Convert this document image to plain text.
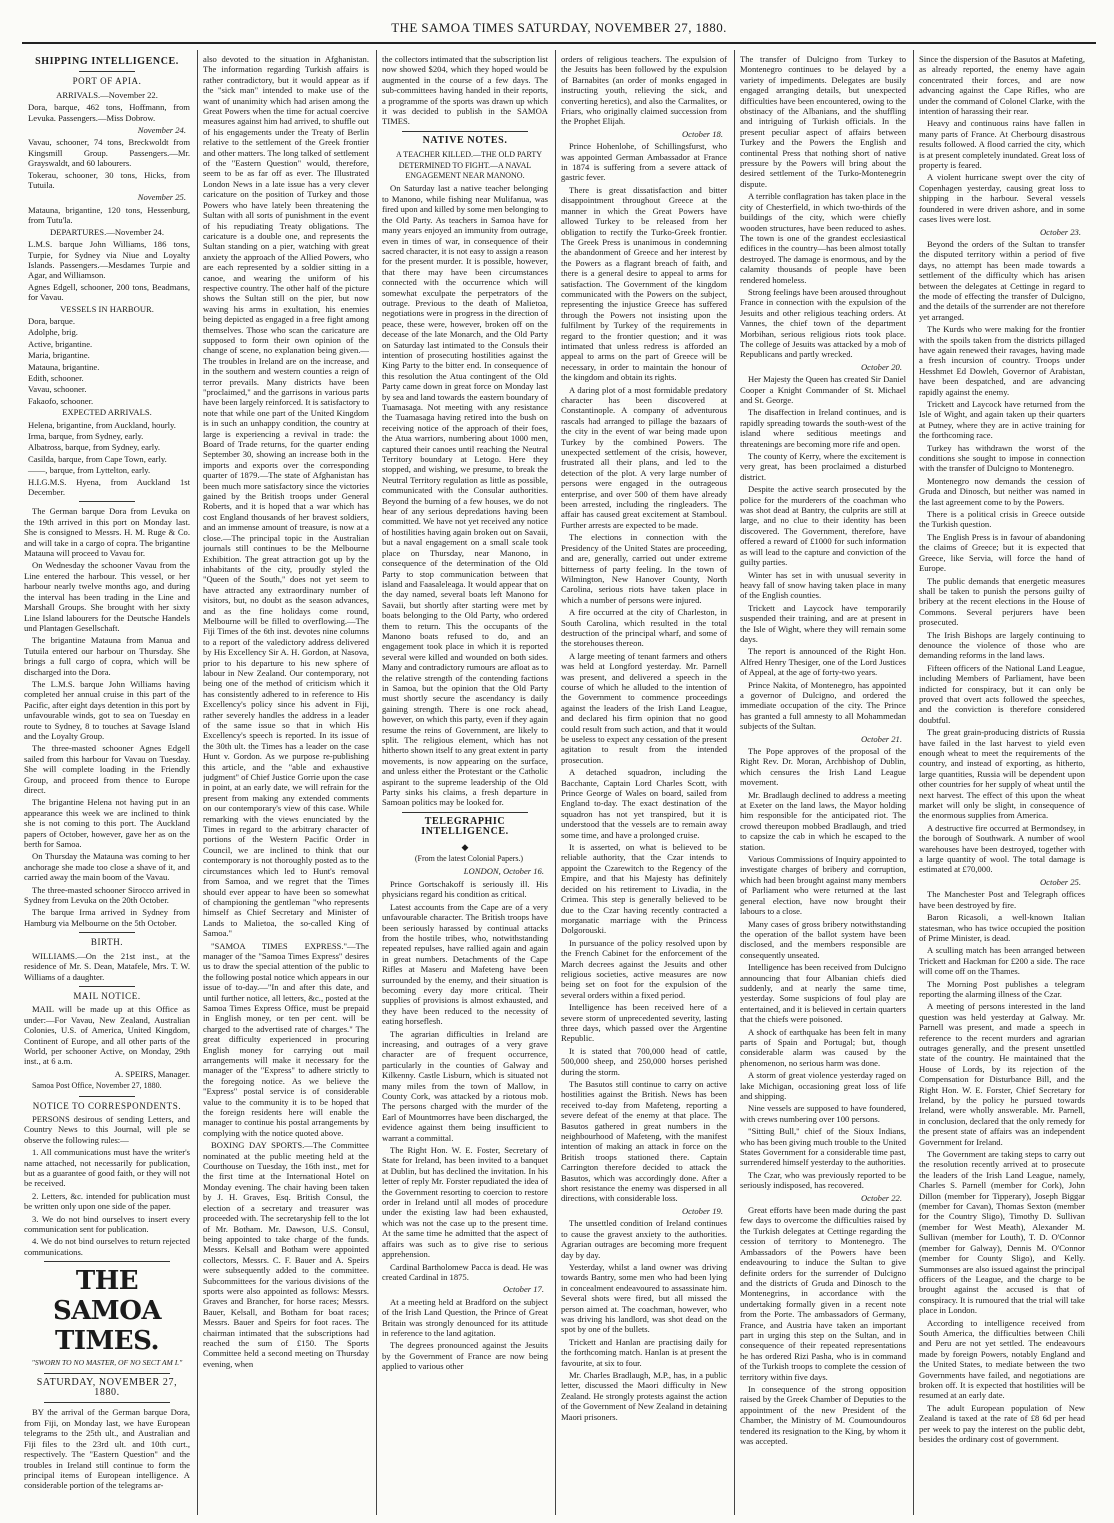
THE SAMOA TIMES SATURDAY, NOVEMBER 27, 1880.
SHIPPING INTELLIGENCE.
PORT OF APIA.

ARRIVALS.—November 22.

Dora, barque, 462 tons, Hoffmann, from Levuka. Passengers.—Miss Dobrow.

November 24.

Vavau, schooner, 74 tons, Breckwoldt from Kingsmill Group. Passengers.—Mr. Grayswaldt, and 60 labourers.

Tokerau, schooner, 30 tons, Hicks, from Tutuila.

November 25.

Matauna, brigantine, 120 tons, Hessenburg, from Tutu'la.

DEPARTURES.—November 24.

L.M.S. barque John Williams, 186 tons, Turpie, for Sydney via Niue and Loyalty Islands. Passengers.—Mesdames Turpie and Agar, and Williamson.

Agnes Edgell, schooner, 200 tons, Beadmans, for Vavau.

VESSELS IN HARBOUR.

Dora, barque.

Adolphe, brig.

Active, brigantine.

Maria, brigantine.

Matauna, brigantine.

Edith, schooner.

Vavau, schooner.

Fakaofo, schooner.

EXPECTED ARRIVALS.

Helena, brigantine, from Auckland, hourly.

Irma, barque, from Sydney, early.

Albatross, barque, from Sydney, early.

Casilda, barque, from Cape Town, early.

——, barque, from Lyttelton, early.

H.I.G.M.S. Hyena, from Auckland 1st December.

The German barque Dora from Levuka on the 19th arrived in this port on Monday last. She is consigned to Messrs. H. M. Ruge & Co. and will take in a cargo of copra. The brigantine Matauna will proceed to Vavau for.

On Wednesday the schooner Vavau from the Line entered the harbour. This vessel, or her harbour nearly twelve months ago, and during the interval has been trading in the Line and Marshall Groups. She brought with her sixty Line Island labourers for the Deutsche Handels und Plantagen Gesellschaft.

The brigantine Matauna from Manua and Tutuila entered our harbour on Thursday. She brings a full cargo of copra, which will be discharged into the Dora.

The L.M.S. barque John Williams having completed her annual cruise in this part of the Pacific, after eight days detention in this port by unfavourable winds, got to sea on Tuesday en route to Sydney, 8 to touches at Savage Island and the Loyalty Group.

The three-masted schooner Agnes Edgell sailed from this harbour for Vavau on Tuesday. She will complete loading in the Friendly Group, and proceed from thence to Europe direct.

The brigantine Helena not having put in an appearance this week we are inclined to think she is not coming to this port. The Auckland papers of October, however, gave her as on the berth for Samoa.

On Thursday the Matauna was coming to her anchorage she made too close a shave of it, and carried away the main boom of the Vavau.

The three-masted schooner Sirocco arrived in Sydney from Levuka on the 20th October.

The barque Irma arrived in Sydney from Hamburg via Melbourne on the 5th October.

BIRTH.

WILLIAMS.—On the 21st inst., at the residence of Mr. S. Dean, Matafele, Mrs. T. W. Williams of a daughter.

MAIL NOTICE.

MAIL will be made up at this Office as under:—For Vavau, New Zealand, Australian Colonies, U.S. of America, United Kingdom, Continent of Europe, and all other parts of the World, per schooner Active, on Monday, 29th inst., at 6 a.m.

A. SPEIRS, Manager.

Samoa Post Office, November 27, 1880.

NOTICE TO CORRESPONDENTS.

PERSONS desirous of sending Letters, and Country News to this Journal, will ple se observe the following rules:—

1. All communications must have the writer's name attached, not necessarily for publication, but as a guarantee of good faith, or they will not be received.

2. Letters, &c. intended for publication must be written only upon one side of the paper.

3. We do not bind ourselves to insert every communication sent for publication.

4. We do not bind ourselves to return rejected communications.

THE SAMOA TIMES.
"SWORN TO NO MASTER, OF NO SECT AM I."
SATURDAY, NOVEMBER 27, 1880.

BY the arrival of the German barque Dora, from Fiji, on Monday last, we have European telegrams to the 25th ult., and Australian and Fiji files to the 23rd ult. and 10th curt., respectively. The "Eastern Question" and the troubles in Ireland still continue to form the principal items of European intelligence. A considerable portion of the telegrams ar-

also devoted to the situation in Afghanistan. The information regarding Turkish affairs is rather contradictory, but it would appear as if the "sick man" intended to make use of the want of unanimity which had arisen among the Great Powers when the time for actual coercive measures against him had arrived, to shuffle out of his engagements under the Treaty of Berlin relative to the settlement of the Greek frontier and other matters. The long talked of settlement of the "Eastern Question" would, therefore, seem to be as far off as ever. The Illustrated London News in a late issue has a very clever caricature on the position of Turkey and those Powers who have lately been threatening the Sultan with all sorts of punishment in the event of his repudiating Treaty obligations. The caricature is a double one, and represents the Sultan standing on a pier, watching with great anxiety the approach of the Allied Powers, who are each represented by a soldier sitting in a canoe, and wearing the uniform of his respective country. The other half of the picture shows the Sultan still on the pier, but now waving his arms in exultation, his enemies being depicted as engaged in a free fight among themselves. Those who scan the caricature are supposed to form their own opinion of the change of scene, no explanation being given.—The troubles in Ireland are on the increase, and in the southern and western counties a reign of terror prevails. Many districts have been "proclaimed," and the garrisons in various parts have been largely reinforced. It is satisfactory to note that while one part of the United Kingdom is in such an unhappy condition, the country at large is experiencing a revival in trade: the Board of Trade returns, for the quarter ending September 30, showing an increase both in the imports and exports over the corresponding quarter of 1879.—The state of Afghanistan has been much more satisfactory since the victories gained by the British troops under General Roberts, and it is hoped that a war which has cost England thousands of her bravest soldiers, and an immense amount of treasure, is now at a close.—The principal topic in the Australian journals still continues to be the Melbourne Exhibition. The great attraction got up by the inhabitants of the city, proudly styled the "Queen of the South," does not yet seem to have attracted any extraordinary number of visitors, but, no doubt as the season advances, and as the fine holidays come round, Melbourne will be filled to overflowing.—The Fiji Times of the 6th inst. devotes nine columns to a report of the valedictory address delivered by His Excellency Sir A. H. Gordon, at Nasova, prior to his departure to his new sphere of labour in New Zealand. Our contemporary, not being one of the method of criticism which it has consistently adhered to in reference to His Excellency's policy since his advent in Fiji, rather severely handles the address in a leader of the same issue so that in which His Excellency's speech is reported. In its issue of the 30th ult. the Times has a leader on the case Hunt v. Gordon. As we purpose re-publishing this article, and the "able and exhaustive judgment" of Chief Justice Gorrie upon the case in point, at an early date, we will refrain for the present from making any extended comments on our contemporary's view of this case. While remarking with the views enunciated by the Times in regard to the arbitrary character of portions of the Western Pacific Order in Council, we are inclined to think that our contemporary is not thoroughly posted as to the circumstances which led to Hunt's removal from Samoa, and we regret that the Times should ever appear to have been so somewhat of championing the gentleman "who represents himself as Chief Secretary and Minister of Lands to Malietoa, the so-called King of Samoa."

"SAMOA TIMES EXPRESS."—The manager of the "Samoa Times Express" desires us to draw the special attention of the public to the following postal notice which appears in our issue of to-day.—"In and after this date, and until further notice, all letters, &c., posted at the Samoa Times Express Office, must be prepaid in English money, or ten per cent. will be charged to the advertised rate of charges." The great difficulty experienced in procuring English money for carrying out mail arrangements will make it necessary for the manager of the "Express" to adhere strictly to the foregoing notice. As we believe the "Express" postal service is of considerable value to the community it is to be hoped that the foreign residents here will enable the manager to continue his postal arrangements by complying with the notice quoted above.

BOXING DAY SPORTS.—The Committee nominated at the public meeting held at the Courthouse on Tuesday, the 16th inst., met for the first time at the International Hotel on Monday evening. The chair having been taken by J. H. Graves, Esq. British Consul, the election of a secretary and treasurer was proceeded with. The secretaryship fell to the lot of Mr. Botham. Mr. Dawson, U.S. Consul, being appointed to take charge of the funds. Messrs. Kelsall and Botham were appointed collectors, Messrs. C. F. Bauer and A. Speirs were subsequently added to the committee. Subcommittees for the various divisions of the sports were also appointed as follows: Messrs. Graves and Brancher, for horse races; Messrs. Bauer, Kelsall, and Botham for boat races; Messrs. Bauer and Speirs for foot races. The chairman intimated that the subscriptions had reached the sum of £150. The Sports Committee held a second meeting on Thursday evening, when

the collectors intimated that the subscription list now showed $204, which they hoped would be augmented in the course of a few days. The sub-committees having handed in their reports, a programme of the sports was drawn up which it was decided to publish in the SAMOA TIMES.

NATIVE NOTES.

A TEACHER KILLED.—THE OLD PARTY DETERMINED TO FIGHT.—A NAVAL ENGAGEMENT NEAR MANONO.

On Saturday last a native teacher belonging to Manono, while fishing near Mulifanua, was fired upon and killed by some men belonging to the Old Party. As teachers in Samoa have for many years enjoyed an immunity from outrage, even in times of war, in consequence of their sacred character, it is not easy to assign a reason for the present murder. It is possible, however, that there may have been circumstances connected with the occurrence which will somewhat exculpate the perpetrators of the outrage. Previous to the death of Malietoa, negotiations were in progress in the direction of peace, these were, however, broken off on the decease of the late Monarch, and the Old Party on Saturday last intimated to the Consuls their intention of prosecuting hostilities against the King Party to the bitter end. In consequence of this resolution the Atua contingent of the Old Party came down in great force on Monday last by sea and land towards the eastern boundary of Tuamasaga. Not meeting with any resistance the Tuamasaga having retired into the bush on receiving notice of the approach of their foes, the Atua warriors, numbering about 1000 men, captured their canoes until reaching the Neutral Territory boundary at Letogo. Here they stopped, and wishing, we presume, to break the Neutral Territory regulation as little as possible, communicated with the Consular authorities. Beyond the burning of a few houses, we do not hear of any serious depredations having been committed. We have not yet received any notice of hostilities having again broken out on Savaii, but a naval engagement on a small scale took place on Thursday, near Manono, in consequence of the determination of the Old Party to stop communication between that island and Faasaleleaga. It would appear that on the day named, several boats left Manono for Savaii, but shortly after starting were met by boats belonging to the Old Party, who ordered them to return. This the occupants of the Manono boats refused to do, and an engagement took place in which it is reported several were killed and wounded on both sides. Many and contradictory rumours are afloat as to the relative strength of the contending factions in Samoa, but the opinion that the Old Party must shortly secure the ascendancy is daily gaining strength. There is one rock ahead, however, on which this party, even if they again resume the reins of Government, are likely to split. The religious element, which has not hitherto shown itself to any great extent in party movements, is now appearing on the surface, and unless either the Protestant or the Catholic aspirant to the supreme leadership of the Old Party sinks his claims, a fresh departure in Samoan politics may be looked for.

TELEGRAPHIC INTELLIGENCE.
◆

(From the latest Colonial Papers.)

LONDON, October 16.

Prince Gortschakoff is seriously ill. His physicians regard his condition as critical.

Latest accounts from the Cape are of a very unfavourable character. The British troops have been seriously harassed by continual attacks from the hostile tribes, who, notwithstanding repeated repulses, have rallied again and again in great numbers. Detachments of the Cape Rifles at Maseru and Mafeteng have been surrounded by the enemy, and their situation is becoming every day more critical. Their supplies of provisions is almost exhausted, and they have been reduced to the necessity of eating horseflesh.

The agrarian difficulties in Ireland are increasing, and outrages of a very grave character are of frequent occurrence, particularly in the counties of Galway and Kilkenny. Castle Lisburn, which is situated not many miles from the town of Mallow, in County Cork, was attacked by a riotous mob. The persons charged with the murder of the Earl of Mountmorres have been discharged, the evidence against them being insufficient to warrant a committal.

The Right Hon. W. E. Foster, Secretary of State for Ireland, has been invited to a banquet at Dublin, but has declined the invitation. In his letter of reply Mr. Forster repudiated the idea of the Government resorting to coercion to restore order in Ireland until all modes of procedure under the existing law had been exhausted, which was not the case up to the present time. At the same time he admitted that the aspect of affairs was such as to give rise to serious apprehension.

Cardinal Bartholomew Pacca is dead. He was created Cardinal in 1875.

October 17.

At a meeting held at Bradford on the subject of the Irish Land Question, the Prince of Great Britain was strongly denounced for its attitude in reference to the land agitation.

The degrees pronounced against the Jesuits by the Government of France are now being applied to various other

orders of religious teachers. The expulsion of the Jesuits has been followed by the expulsion of Barnabites (an order of monks engaged in instructing youth, relieving the sick, and converting heretics), and also the Carmalites, or Friars, who originally claimed succession from the Prophet Elijah.

October 18.

Prince Hohenlohe, of Schillingsfurst, who was appointed German Ambassador at France in 1874 is suffering from a severe attack of gastric fever.

There is great dissatisfaction and bitter disappointment throughout Greece at the manner in which the Great Powers have allowed Turkey to be released from her obligation to rectify the Turko-Greek frontier. The Greek Press is unanimous in condemning the abandonment of Greece and her interest by the Powers as a flagrant breach of faith, and there is a general desire to appeal to arms for satisfaction. The Government of the kingdom communicated with the Powers on the subject, representing the injustice Greece has suffered through the Powers not insisting upon the fulfilment by Turkey of the requirements in regard to the frontier question; and it was intimated that unless redress is afforded an appeal to arms on the part of Greece will be necessary, in order to maintain the honour of the kingdom and obtain its rights.

A daring plot of a most formidable predatory character has been discovered at Constantinople. A company of adventurous rascals had arranged to pillage the bazaars of the city in the event of war being made upon Turkey by the combined Powers. The unexpected settlement of the crisis, however, frustrated all their plans, and led to the detection of the plot. A very large number of persons were engaged in the outrageous enterprise, and over 500 of them have already been arrested, including the ringleaders. The affair has caused great excitement at Stamboul. Further arrests are expected to be made.

The elections in connection with the Presidency of the United States are proceeding, and are, generally, carried out under extreme bitterness of party feeling. In the town of Wilmington, New Hanover County, North Carolina, serious riots have taken place in which a number of persons were injured.

A fire occurred at the city of Charleston, in South Carolina, which resulted in the total destruction of the principal wharf, and some of the storehouses thereon.

A large meeting of tenant farmers and others was held at Longford yesterday. Mr. Parnell was present, and delivered a speech in the course of which he alluded to the intention of the Government to commence proceedings against the leaders of the Irish Land League, and declared his firm opinion that no good could result from such action, and that it would be useless to expect any cessation of the present agitation to result from the intended prosecution.

A detached squadron, including the Bacchante, Captain Lord Charles Scott, with Prince George of Wales on board, sailed from England to-day. The exact destination of the squadron has not yet transpired, but it is understood that the vessels are to remain away some time, and have a prolonged cruise.

It is asserted, on what is believed to be reliable authority, that the Czar intends to appoint the Czarewitch to the Regency of the Empire, and that his Majesty has definitely decided on his retirement to Livadia, in the Crimea. This step is generally believed to be due to the Czar having recently contracted a morganatic marriage with the Princess Dolgorouski.

In pursuance of the policy resolved upon by the French Cabinet for the enforcement of the March decrees against the Jesuits and other religious societies, active measures are now being set on foot for the expulsion of the several orders within a fixed period.

Intelligence has been received here of a severe storm of unprecedented severity, lasting three days, which passed over the Argentine Republic.

It is stated that 700,000 head of cattle, 500,000 sheep, and 250,000 horses perished during the storm.

The Basutos still continue to carry on active hostilities against the British. News has been received to-day from Mafeteng, reporting a severe defeat of the enemy at that place. The Basutos gathered in great numbers in the neighbourhood of Mafeteng, with the manifest intention of making an attack in force on the British troops stationed there. Captain Carrington therefore decided to attack the Basutos, which was accordingly done. After a short resistance the enemy was dispersed in all directions, with considerable loss.

October 19.

The unsettled condition of Ireland continues to cause the gravest anxiety to the authorities. Agrarian outrages are becoming more frequent day by day.

Yesterday, whilst a land owner was driving towards Bantry, some men who had been lying in concealment endeavoured to assassinate him. Several shots were fired, but all missed the person aimed at. The coachman, however, who was driving his landlord, was shot dead on the spot by one of the bullets.

Trickett and Hanlan are practising daily for the forthcoming match. Hanlan is at present the favourite, at six to four.

Mr. Charles Bradlaugh, M.P., has, in a public letter, discussed the Maori difficulty in New Zealand. He strongly protests against the action of the Government of New Zealand in detaining Maori prisoners.

The transfer of Dulcigno from Turkey to Montenegro continues to be delayed by a variety of impediments. Delegates are busily engaged arranging details, but unexpected difficulties have been encountered, owing to the obstinacy of the Albanians, and the shuffling and intriguing of Turkish officials. In the present peculiar aspect of affairs between Turkey and the Powers the English and continental Press that nothing short of native pressure by the Powers will bring about the desired settlement of the Turko-Montenegrin dispute.

A terrible conflagration has taken place in the city of Chesterfield, in which two-thirds of the buildings of the city, which were chiefly wooden structures, have been reduced to ashes. The town is one of the grandest ecclesiastical edifices in the country—has been almost totally destroyed. The damage is enormous, and by the calamity thousands of people have been rendered homeless.

Strong feelings have been aroused throughout France in connection with the expulsion of the Jesuits and other religious teaching orders. At Vannes, the chief town of the department Morbihan, serious religious riots took place. The college of Jesuits was attacked by a mob of Republicans and partly wrecked.

October 20.

Her Majesty the Queen has created Sir Daniel Cooper a Knight Commander of St. Michael and St. George.

The disaffection in Ireland continues, and is rapidly spreading towards the south-west of the island where seditious meetings and threatenings are becoming more rife and open.

The county of Kerry, where the excitement is very great, has been proclaimed a disturbed district.

Despite the active search prosecuted by the police for the murderers of the coachman who was shot dead at Bantry, the culprits are still at large, and no clue to their identity has been discovered. The Government, therefore, have offered a reward of £1000 for such information as will lead to the capture and conviction of the guilty parties.

Winter has set in with unusual severity in heavy fall of snow having taken place in many of the English counties.

Trickett and Laycock have temporarily suspended their training, and are at present in the Isle of Wight, where they will remain some days.

The report is announced of the Right Hon. Alfred Henry Thesiger, one of the Lord Justices of Appeal, at the age of forty-two years.

Prince Nakita, of Montenegro, has appointed a governor of Dulcigno, and ordered the immediate occupation of the city. The Prince has granted a full amnesty to all Mohammedan subjects of the Sultan.

October 21.

The Pope approves of the proposal of the Right Rev. Dr. Moran, Archbishop of Dublin, which censures the Irish Land League movement.

Mr. Bradlaugh declined to address a meeting at Exeter on the land laws, the Mayor holding him responsible for the anticipated riot. The crowd thereupon mobbed Bradlaugh, and tried to capsize the cab in which he escaped to the station.

Various Commissions of Inquiry appointed to investigate charges of bribery and corruption, which had been brought against many members of Parliament who were returned at the last general election, have now brought their labours to a close.

Many cases of gross bribery notwithstanding the operation of the ballot system have been disclosed, and the members responsible are consequently unseated.

Intelligence has been received from Dulcigno announcing that four Albanian chiefs died suddenly, and at nearly the same time, yesterday. Some suspicions of foul play are entertained, and it is believed in certain quarters that the chiefs were poisoned.

A shock of earthquake has been felt in many parts of Spain and Portugal; but, though considerable alarm was caused by the phenomenon, no serious harm was done.

A storm of great violence yesterday raged on lake Michigan, occasioning great loss of life and shipping.

Nine vessels are supposed to have foundered, with crews numbering over 100 persons.

"Sitting Bull," chief of the Sioux Indians, who has been giving much trouble to the United States Government for a considerable time past, surrendered himself yesterday to the authorities.

The Czar, who was previously reported to be seriously indisposed, has recovered.

October 22.

Great efforts have been made during the past few days to overcome the difficulties raised by the Turkish delegates at Cettinge regarding the cession of territory to Montenegro. The Ambassadors of the Powers have been endeavouring to induce the Sultan to give definite orders for the surrender of Dulcigno and the districts of Gruda and Dinosch to the Montenegrins, in accordance with the undertaking formally given in a recent note from the Porte. The ambassadors of Germany, France, and Austria have taken an important part in urging this step on the Sultan, and in consequence of their repeated representations he has ordered Rizi Pasha, who is in command of the Turkish troops to complete the cession of territory within five days.

In consequence of the strong opposition raised by the Greek Chamber of Deputies to the appointment of the new President of the Chamber, the Ministry of M. Coumoundouros tendered its resignation to the King, by whom it was accepted.

Since the dispersion of the Basutos at Mafeting, as already reported, the enemy have again concentrated their forces, and are now advancing against the Cape Rifles, who are under the command of Colonel Clarke, with the intention of harassing their rear.

Heavy and continuous rains have fallen in many parts of France. At Cherbourg disastrous results followed. A flood carried the city, which is at present completely inundated. Great loss of property is feared.

A violent hurricane swept over the city of Copenhagen yesterday, causing great loss to shipping in the harbour. Several vessels foundered in were driven ashore, and in some cases lives were lost.

October 23.

Beyond the orders of the Sultan to transfer the disputed territory within a period of five days, no attempt has been made towards a settlement of the difficulty which has arisen between the delegates at Cettinge in regard to the mode of effecting the transfer of Dulcigno, and the details of the surrender are not therefore yet arranged.

The Kurds who were making for the frontier with the spoils taken from the districts pillaged have again renewed their ravages, having made a fresh incursion of country. Troops under Hesshmet Ed Dowleh, Governor of Arabistan, have been despatched, and are advancing rapidly against the enemy.

Trickett and Laycock have returned from the Isle of Wight, and again taken up their quarters at Putney, where they are in active training for the forthcoming race.

Turkey has withdrawn the worst of the conditions she sought to impose in connection with the transfer of Dulcigno to Montenegro.

Montenegro now demands the cession of Gruda and Dinosch, but neither was named in the last agreement come to by the Powers.

There is a political crisis in Greece outside the Turkish question.

The English Press is in favour of abandoning the claims of Greece; but it is expected that Greece, like Servia, will force the hand of Europe.

The public demands that energetic measures shall be taken to punish the persons guilty of bribery at the recent elections in the House of Commons. Several perjurers have been prosecuted.

The Irish Bishops are largely continuing to denounce the violence of those who are demanding reforms in the land laws.

Fifteen officers of the National Land League, including Members of Parliament, have been indicted for conspiracy, but it can only be proved that overt acts followed the speeches, and the conviction is therefore considered doubtful.

The great grain-producing districts of Russia have failed in the last harvest to yield even enough wheat to meet the requirements of the country, and instead of exporting, as hitherto, large quantities, Russia will be dependent upon other countries for her supply of wheat until the next harvest. The effect of this upon the wheat market will only be slight, in consequence of the enormous supplies from America.

A destructive fire occurred at Bermondsey, in the borough of Southwark. A number of wool warehouses have been destroyed, together with a large quantity of wool. The total damage is estimated at £70,000.

October 25.

The Manchester Post and Telegraph offices have been destroyed by fire.

Baron Ricasoli, a well-known Italian statesman, who has twice occupied the position of Prime Minister, is dead.

A sculling match has been arranged between Trickett and Hackman for £200 a side. The race will come off on the Thames.

The Morning Post publishes a telegram reporting the alarming illness of the Czar.

A meeting of persons interested in the land question was held yesterday at Galway. Mr. Parnell was present, and made a speech in reference to the recent murders and agrarian outrages generally, and the present unsettled state of the country. He maintained that the House of Lords, by its rejection of the Compensation for Disturbance Bill, and the Right Hon. W. E. Forster, Chief Secretary for Ireland, by the policy he pursued towards Ireland, were wholly answerable. Mr. Parnell, in conclusion, declared that the only remedy for the present state of affairs was an independent Government for Ireland.

The Government are taking steps to carry out the resolution recently arrived at to prosecute the leaders of the Irish Land League, namely, Charles S. Parnell (member for Cork), John Dillon (member for Tipperary), Joseph Biggar (member for Cavan), Thomas Sexton (member for the Country Sligo), Timothy D. Sullivan (member for West Meath), Alexander M. Sullivan (member for Louth), T. D. O'Connor (member for Galway), Dennis M. O'Connor (member for County Sligo), and Kelly. Summonses are also issued against the principal officers of the League, and the charge to be brought against the accused is that of conspiracy. It is rumoured that the trial will take place in London.

According to intelligence received from South America, the difficulties between Chili and Peru are not yet settled. The endeavours made by foreign Powers, notably England and the United States, to mediate between the two Governments have failed, and negotiations are broken off. It is expected that hostilities will be resumed at an early date.

The adult European population of New Zealand is taxed at the rate of £8 6d per head per week to pay the interest on the public debt, besides the ordinary cost of government.
